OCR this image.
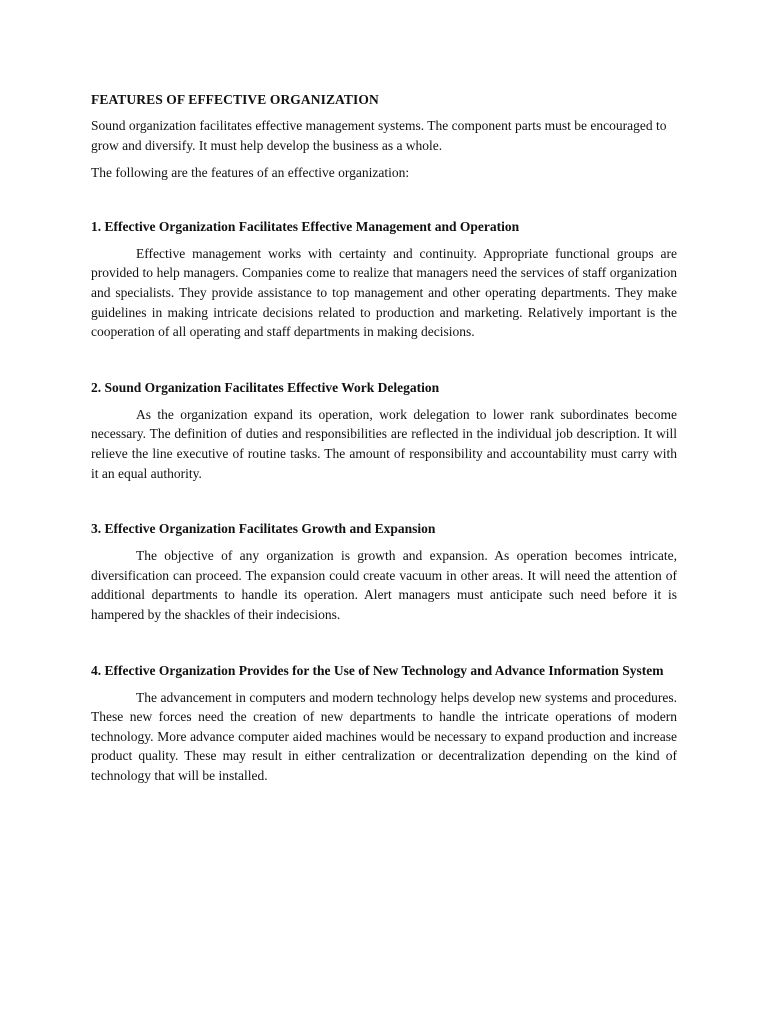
FEATURES OF EFFECTIVE ORGANIZATION

Sound organization facilitates effective management systems. The component parts must be encouraged to grow and diversify. It must help develop the business as a whole.

The following are the features of an effective organization:

1. Effective Organization Facilitates Effective Management and Operation

Effective management works with certainty and continuity. Appropriate functional groups are provided to help managers. Companies come to realize that managers need the services of staff organization and specialists. They provide assistance to top management and other operating departments. They make guidelines in making intricate decisions related to production and marketing. Relatively important is the cooperation of all operating and staff departments in making decisions.

2. Sound Organization Facilitates Effective Work Delegation

As the organization expand its operation, work delegation to lower rank subordinates become necessary. The definition of duties and responsibilities are reflected in the individual job description. It will relieve the line executive of routine tasks. The amount of responsibility and accountability must carry with it an equal authority.

3. Effective Organization Facilitates Growth and Expansion

The objective of any organization is growth and expansion. As operation becomes intricate, diversification can proceed. The expansion could create vacuum in other areas. It will need the attention of additional departments to handle its operation. Alert managers must anticipate such need before it is hampered by the shackles of their indecisions.

4. Effective Organization Provides for the Use of New Technology and Advance Information System

The advancement in computers and modern technology helps develop new systems and procedures. These new forces need the creation of new departments to handle the intricate operations of modern technology. More advance computer aided machines would be necessary to expand production and increase product quality. These may result in either centralization or decentralization depending on the kind of technology that will be installed.
